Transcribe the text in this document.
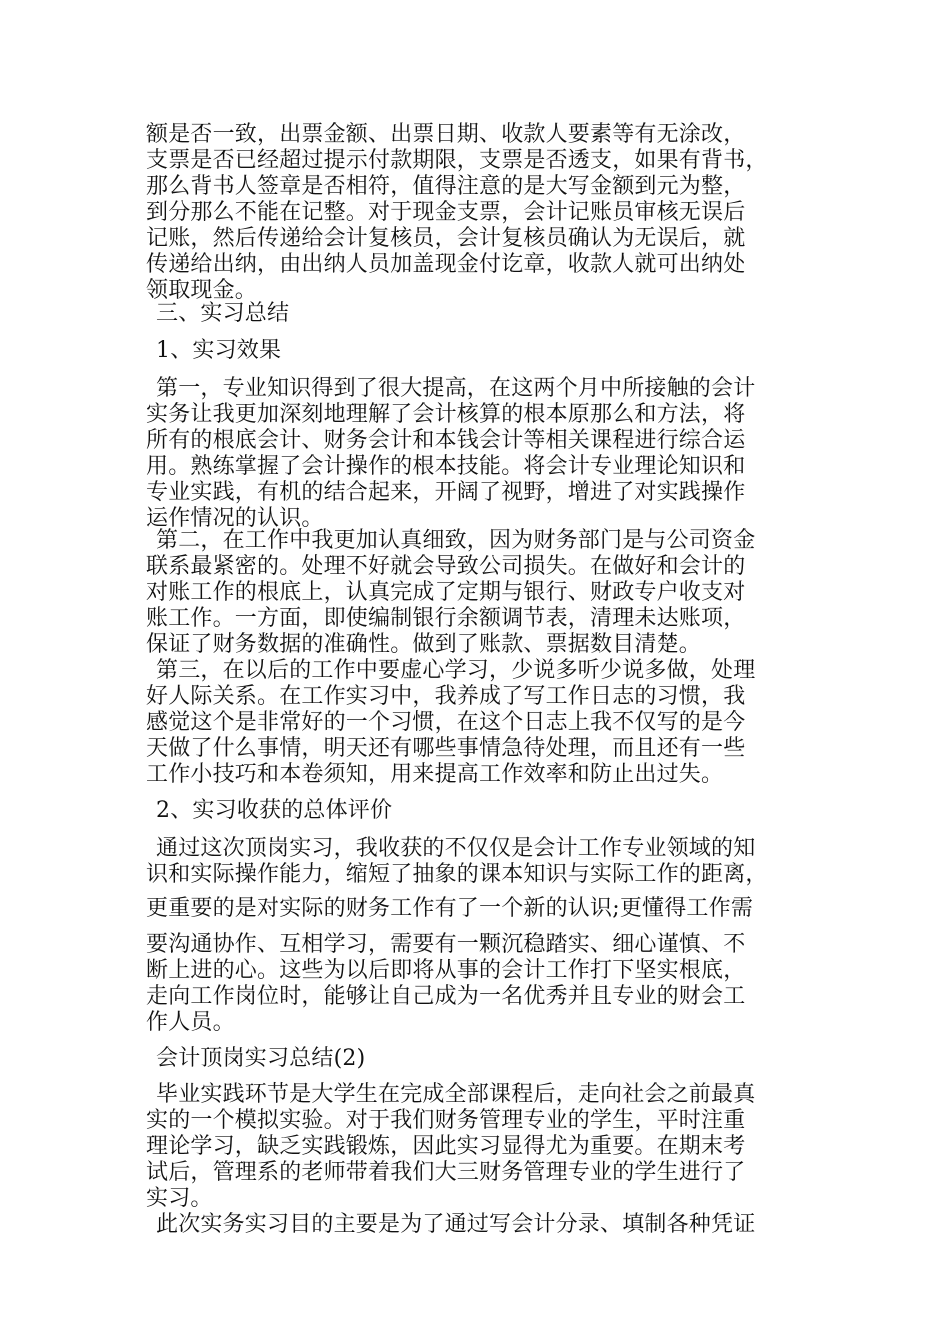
额是否一致，出票金额、出票日期、收款人要素等有无涂改，
支票是否已经超过提示付款期限，支票是否透支，如果有背书，
那么背书人签章是否相符，值得注意的是大写金额到元为整，
到分那么不能在记整。对于现金支票，会计记账员审核无误后
记账，然后传递给会计复核员，会计复核员确认为无误后，就
传递给出纳，由出纳人员加盖现金付讫章，收款人就可出纳处
领取现金。
三、实习总结
1、实习效果
第一，专业知识得到了很大提高，在这两个月中所接触的会计
实务让我更加深刻地理解了会计核算的根本原那么和方法，将
所有的根底会计、财务会计和本钱会计等相关课程进行综合运
用。熟练掌握了会计操作的根本技能。将会计专业理论知识和
专业实践，有机的结合起来，开阔了视野，增进了对实践操作
运作情况的认识。
第二，在工作中我更加认真细致，因为财务部门是与公司资金
联系最紧密的。处理不好就会导致公司损失。在做好和会计的
对账工作的根底上，认真完成了定期与银行、财政专户收支对
账工作。一方面，即使编制银行余额调节表，清理未达账项，
保证了财务数据的准确性。做到了账款、票据数目清楚。
第三，在以后的工作中要虚心学习，少说多听少说多做，处理
好人际关系。在工作实习中，我养成了写工作日志的习惯，我
感觉这个是非常好的一个习惯，在这个日志上我不仅写的是今
天做了什么事情，明天还有哪些事情急待处理，而且还有一些
工作小技巧和本卷须知，用来提高工作效率和防止出过失。
2、实习收获的总体评价
通过这次顶岗实习，我收获的不仅仅是会计工作专业领域的知
识和实际操作能力，缩短了抽象的课本知识与实际工作的距离，
更重要的是对实际的财务工作有了一个新的认识;更懂得工作需
要沟通协作、互相学习，需要有一颗沉稳踏实、细心谨慎、不
断上进的心。这些为以后即将从事的会计工作打下坚实根底，
走向工作岗位时，能够让自己成为一名优秀并且专业的财会工
作人员。
会计顶岗实习总结(2)
毕业实践环节是大学生在完成全部课程后，走向社会之前最真
实的一个模拟实验。对于我们财务管理专业的学生，平时注重
理论学习，缺乏实践锻炼，因此实习显得尤为重要。在期末考
试后，管理系的老师带着我们大三财务管理专业的学生进行了
实习。
此次实务实习目的主要是为了通过写会计分录、填制各种凭证
